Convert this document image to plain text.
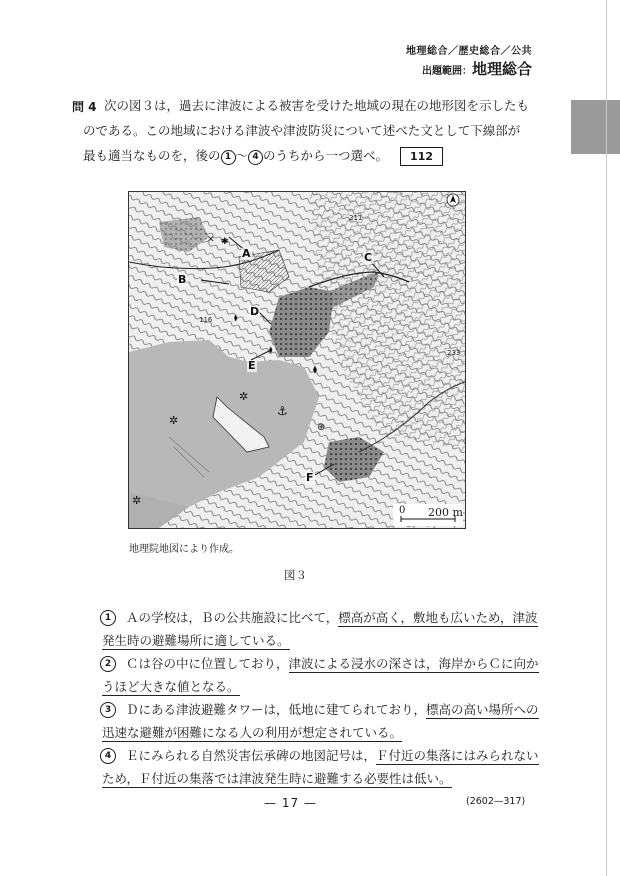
地理総合／歴史総合／公共
出題範囲：地理総合
問 4 次の図３は，過去に津波による被害を受けた地域の現在の地形図を示したも
のである。この地域における津波や津波防災について述べた文として下線部が
最も適当なものを，後の 1 ～ 4 のうちから一つ選べ。 112
✕ ✱
⧫
⧫
⧫
⚓
✲
✲
✲
⊕
211
116
233
0
A
B
C
D
E
F
200 m
地理院地図により作成。
図３
1	Ａの学校は，Ｂの公共施設に比べて，標高が高く，敷地も広いため，津波
発生時の避難場所に適している。
2	Ｃは谷の中に位置しており，津波による浸水の深さは，海岸からＣに向か
うほど大きな値となる。
3	Ｄにある津波避難タワーは，低地に建てられており，標高の高い場所への
迅速な避難が困難になる人の利用が想定されている。
4	Ｅにみられる自然災害伝承碑の地図記号は，Ｆ付近の集落にはみられない
ため，Ｆ付近の集落では津波発生時に避難する必要性は低い。
— 17 —	(2602—317)
